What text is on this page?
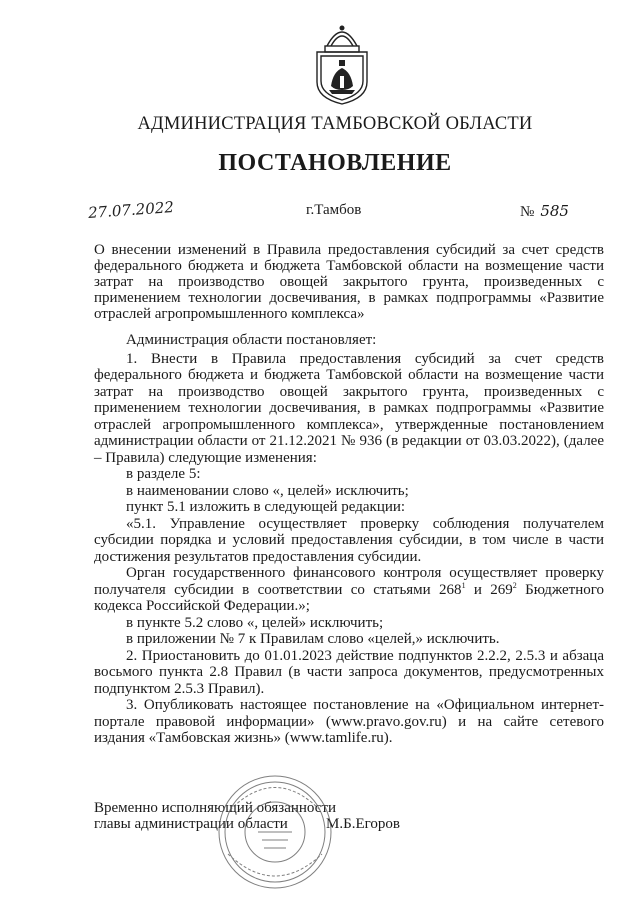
АДМИНИСТРАЦИЯ ТАМБОВСКОЙ ОБЛАСТИ
ПОСТАНОВЛЕНИЕ
27.07.2022	г.Тамбов	№ 585
О внесении изменений в Правила предоставления субсидий за счет средств федерального бюджета и бюджета Тамбовской области на возмещение части затрат на производство овощей закрытого грунта, произведенных с применением технологии досвечивания, в рамках подпрограммы «Развитие отраслей агропромышленного комплекса»

Администрация области постановляет:

1. Внести в Правила предоставления субсидий за счет средств федерального бюджета и бюджета Тамбовской области на возмещение части затрат на производство овощей закрытого грунта, произведенных с применением технологии досвечивания, в рамках подпрограммы «Развитие отраслей агропромышленного комплекса», утвержденные постановлением администрации области от 21.12.2021 № 936 (в редакции от 03.03.2022), (далее – Правила) следующие изменения:

в разделе 5:

в наименовании слово «, целей» исключить;

пункт 5.1 изложить в следующей редакции:

«5.1. Управление осуществляет проверку соблюдения получателем субсидии порядка и условий предоставления субсидии, в том числе в части достижения результатов предоставления субсидии.

Орган государственного финансового контроля осуществляет проверку получателя субсидии в соответствии со статьями $268^1$ и $269^2$ Бюджетного кодекса Российской Федерации.»;

в пункте 5.2 слово «, целей» исключить;

в приложении № 7 к Правилам слово «целей,» исключить.

2. Приостановить до 01.01.2023 действие подпунктов 2.2.2, 2.5.3 и абзаца восьмого пункта 2.8 Правил (в части запроса документов, предусмотренных подпунктом 2.5.3 Правил).

3. Опубликовать настоящее постановление на «Официальном интернет-портале правовой информации» (www.pravo.gov.ru) и на сайте сетевого издания «Тамбовская жизнь» (www.tamlife.ru).

Временно исполняющий обязанности
главы администрации области	М.Б.Егоров
